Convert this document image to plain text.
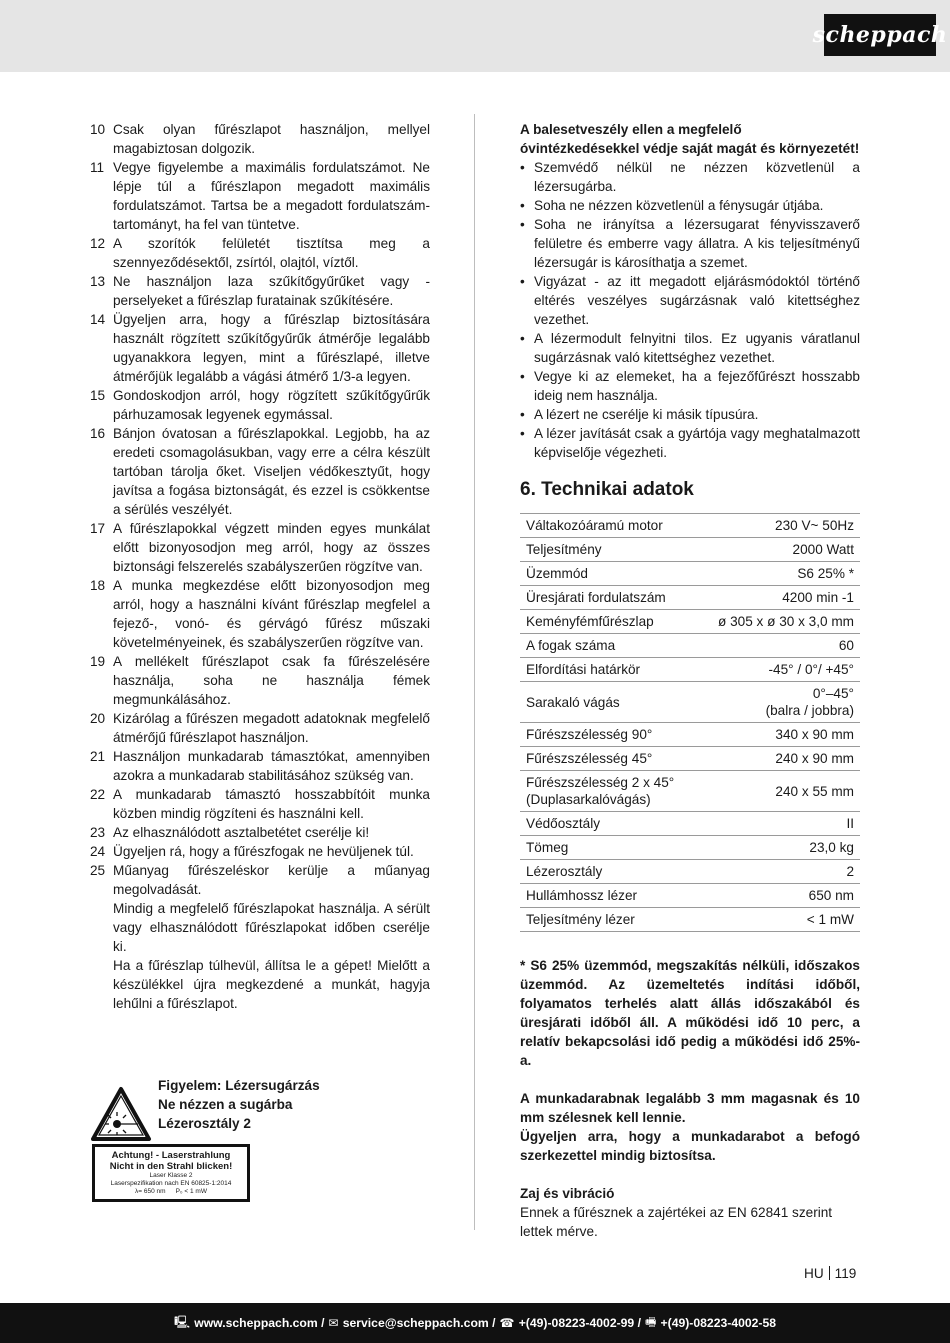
scheppach
10 Csak olyan fűrészlapot használjon, mellyel magabiztosan dolgozik.
11 Vegye figyelembe a maximális fordulatszámot. Ne lépje túl a fűrészlapon megadott maximális fordulatszámot. Tartsa be a megadott fordulatszám-tartományt, ha fel van tüntetve.
12 A szorítók felületét tisztítsa meg a szennyeződésektől, zsírtól, olajtól, víztől.
13 Ne használjon laza szűkítőgyűrűket vagy -perselyeket a fűrészlap furatainak szűkítésére.
14 Ügyeljen arra, hogy a fűrészlap biztosítására használt rögzített szűkítőgyűrűk átmérője legalább ugyanakkora legyen, mint a fűrészlapé, illetve átmérőjük legalább a vágási átmérő 1/3-a legyen.
15 Gondoskodjon arról, hogy rögzített szűkítőgyűrűk párhuzamosak legyenek egymással.
16 Bánjon óvatosan a fűrészlapokkal. Legjobb, ha az eredeti csomagolásukban, vagy erre a célra készült tartóban tárolja őket. Viseljen védőkesztyűt, hogy javítsa a fogása biztonságát, és ezzel is csökkentse a sérülés veszélyét.
17 A fűrészlapokkal végzett minden egyes munkálat előtt bizonyosodjon meg arról, hogy az összes biztonsági felszerelés szabályszerűen rögzítve van.
18 A munka megkezdése előtt bizonyosodjon meg arról, hogy a használni kívánt fűrészlap megfelel a fejező-, vonó- és gérvágó fűrész műszaki követelményeinek, és szabályszerűen rögzítve van.
19 A mellékelt fűrészlapot csak fa fűrészelésére használja, soha ne használja fémek megmunkálásához.
20 Kizárólag a fűrészen megadott adatoknak megfelelő átmérőjű fűrészlapot használjon.
21 Használjon munkadarab támasztókat, amennyiben azokra a munkadarab stabilitásához szükség van.
22 A munkadarab támasztó hosszabbítóit munka közben mindig rögzíteni és használni kell.
23 Az elhasználódott asztalbetétet cserélje ki!
24 Ügyeljen rá, hogy a fűrészfogak ne hevüljenek túl.
25 Műanyag fűrészeléskor kerülje a műanyag megolvadását.

Mindig a megfelelő fűrészlapokat használja. A sérült vagy elhasználódott fűrészlapokat időben cserélje ki.

Ha a fűrészlap túlhevül, állítsa le a gépet! Mielőtt a készülékkel újra megkezdené a munkát, hagyja lehűlni a fűrészlapot.

Figyelem: Lézersugárzás
Ne nézzen a sugárba
Lézerosztály 2
Achtung! - Laserstrahlung
Nicht in den Strahl blicken!
Laser Klasse 2
Laserspezifikation nach EN 60825-1:2014
λ= 650 nm P₀ < 1 mW

A balesetveszély ellen a megfelelő óvintézkedésekkel védje saját magát és környezetét!

• Szemvédő nélkül ne nézzen közvetlenül a lézersugárba.
• Soha ne nézzen közvetlenül a fénysugár útjába.
• Soha ne irányítsa a lézersugarat fényvisszaverő felületre és emberre vagy állatra. A kis teljesítményű lézersugár is károsíthatja a szemet.
• Vigyázat - az itt megadott eljárásmódoktól történő eltérés veszélyes sugárzásnak való kitettséghez vezethet.
• A lézermodult felnyitni tilos. Ez ugyanis váratlanul sugárzásnak való kitettséghez vezethet.
• Vegye ki az elemeket, ha a fejezőfűrészt hosszabb ideig nem használja.
• A lézert ne cserélje ki másik típusúra.
• A lézer javítását csak a gyártója vagy meghatalmazott képviselője végezheti.
6. Technikai adatok
Váltakozóáramú motor	230 V~ 50Hz

Teljesítmény	2000 Watt

Üzemmód	S6 25% *

Üresjárati fordulatszám	4200 min -1

Keményfémfűrészlap	ø 305 x ø 30 x 3,0 mm

A fogak száma	60

Elfordítási határkör	-45° / 0°/ +45°

Sarakaló vágás	0°–45°
(balra / jobbra)

Fűrészszélesség 90°	340 x 90 mm

Fűrészszélesség 45°	240 x 90 mm

Fűrészszélesség 2 x 45°
(Duplasarkalóvágás)	240 x 55 mm

Védőosztály	II

Tömeg	23,0 kg

Lézerosztály	2

Hullámhossz lézer	650 nm

Teljesítmény lézer	< 1 mW

* S6 25% üzemmód, megszakítás nélküli, időszakos üzemmód. Az üzemeltetés indítási időből, folyamatos terhelés alatt állás időszakából és üresjárati időből áll. A működési idő 10 perc, a relatív bekapcsolási idő pedig a működési idő 25%-a.

A munkadarabnak legalább 3 mm magasnak és 10 mm szélesnek kell lennie.

Ügyeljen arra, hogy a munkadarabot a befogó szerkezettel mindig biztosítsa.

Zaj és vibráció

Ennek a fűrésznek a zajértékei az EN 62841 szerint lettek mérve.

HU 119
🖳 www.scheppach.com / ✉ service@scheppach.com / ☎ +(49)-08223-4002-99 / 🖷 +(49)-08223-4002-58
